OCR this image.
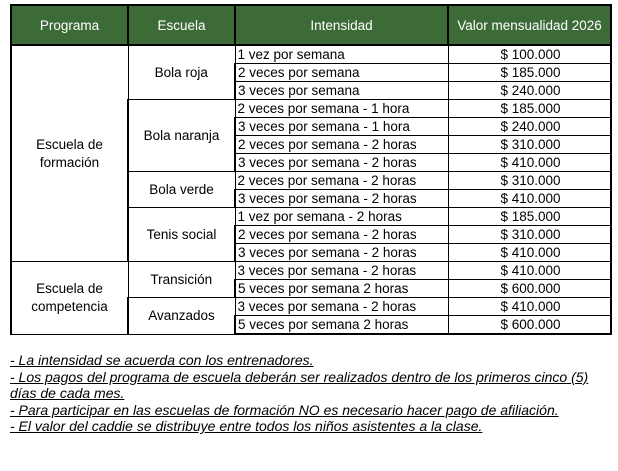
Programa	Escuela	Intensidad	Valor mensualidad 2026
Escuela de formación	Bola roja	1 vez por semana	$ 100.000
		2 veces por semana	$ 185.000
		3 veces por semana	$ 240.000
	Bola naranja	2 veces por semana - 1 hora	$ 185.000
		3 veces por semana - 1 hora	$ 240.000
		2 veces por semana - 2 horas	$ 310.000
		3 veces por semana - 2 horas	$ 410.000
	Bola verde	2 veces por semana - 2 horas	$ 310.000
		3 veces por semana - 2 horas	$ 410.000
	Tenis social	1 vez por semana - 2 horas	$ 185.000
		2 veces por semana - 2 horas	$ 310.000
		3 veces por semana - 2 horas	$ 410.000
Escuela de competencia	Transición	3 veces por semana - 2 horas	$ 410.000
		5 veces por semana 2 horas	$ 600.000
	Avanzados	3 veces por semana - 2 horas	$ 410.000
		5 veces por semana 2 horas	$ 600.000

- La intensidad se acuerda con los entrenadores.

- Los pagos del programa de escuela deberán ser realizados dentro de los primeros cinco (5) días de cada mes.

- Para participar en las escuelas de formación NO es necesario hacer pago de afiliación.

- El valor del caddie se distribuye entre todos los niños asistentes a la clase.
